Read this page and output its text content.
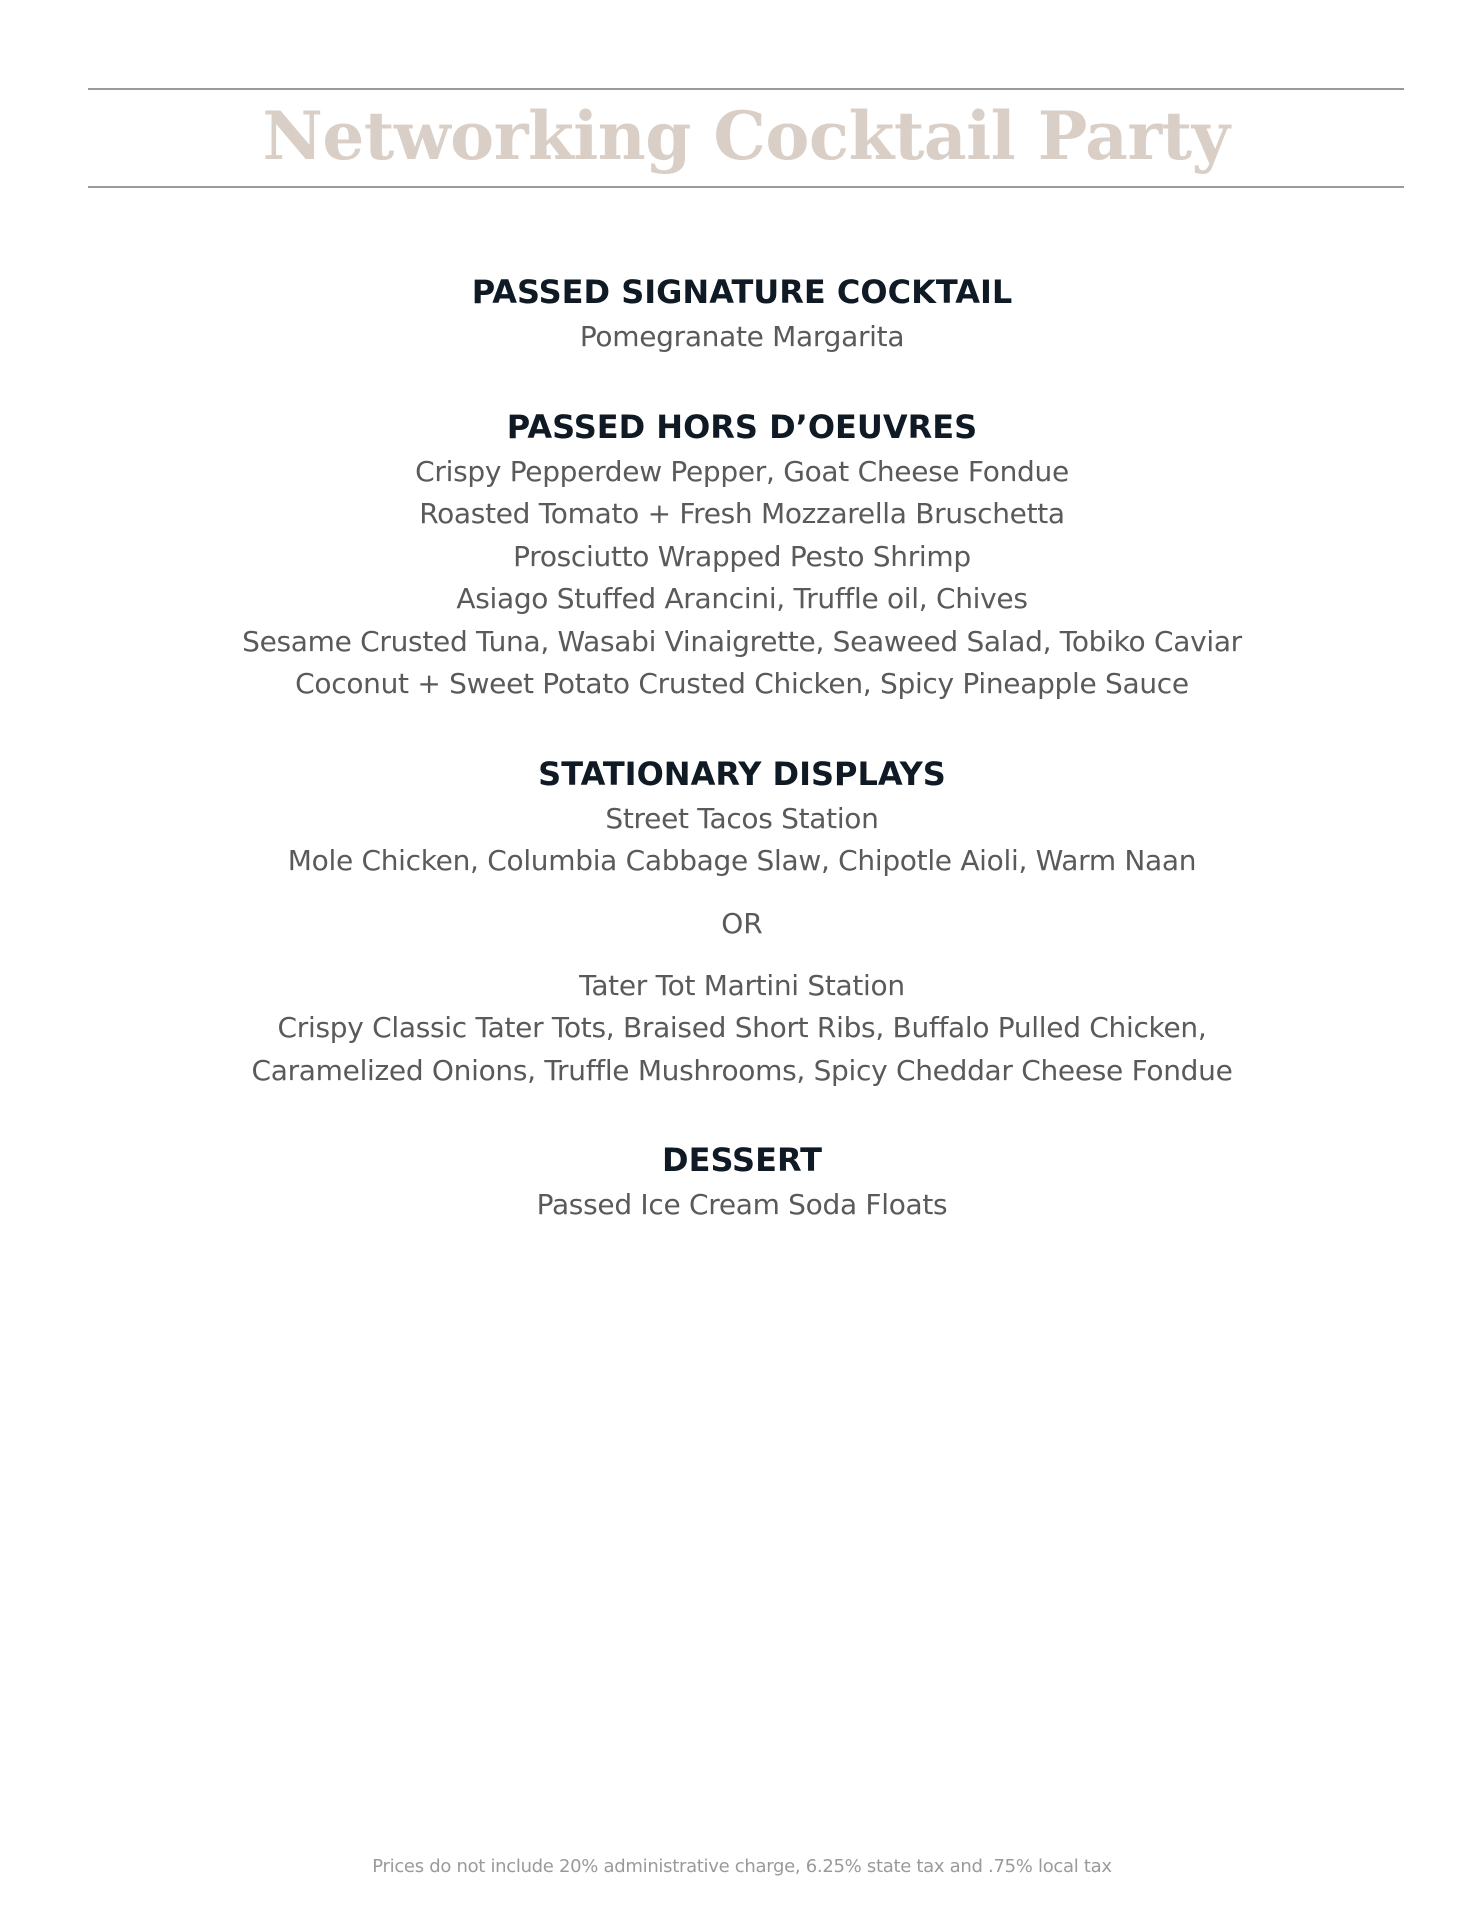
Networking Cocktail Party
PASSED SIGNATURE COCKTAIL

Pomegranate Margarita

PASSED HORS D’OEUVRES

Crispy Pepperdew Pepper, Goat Cheese Fondue

Roasted Tomato + Fresh Mozzarella Bruschetta

Prosciutto Wrapped Pesto Shrimp

Asiago Stuffed Arancini, Truffle oil, Chives

Sesame Crusted Tuna, Wasabi Vinaigrette, Seaweed Salad, Tobiko Caviar

Coconut + Sweet Potato Crusted Chicken, Spicy Pineapple Sauce

STATIONARY DISPLAYS

Street Tacos Station

Mole Chicken, Columbia Cabbage Slaw, Chipotle Aioli, Warm Naan

OR

Tater Tot Martini Station

Crispy Classic Tater Tots, Braised Short Ribs, Buffalo Pulled Chicken,

Caramelized Onions, Truffle Mushrooms, Spicy Cheddar Cheese Fondue

DESSERT

Passed Ice Cream Soda Floats

Prices do not include 20% administrative charge, 6.25% state tax and .75% local tax
